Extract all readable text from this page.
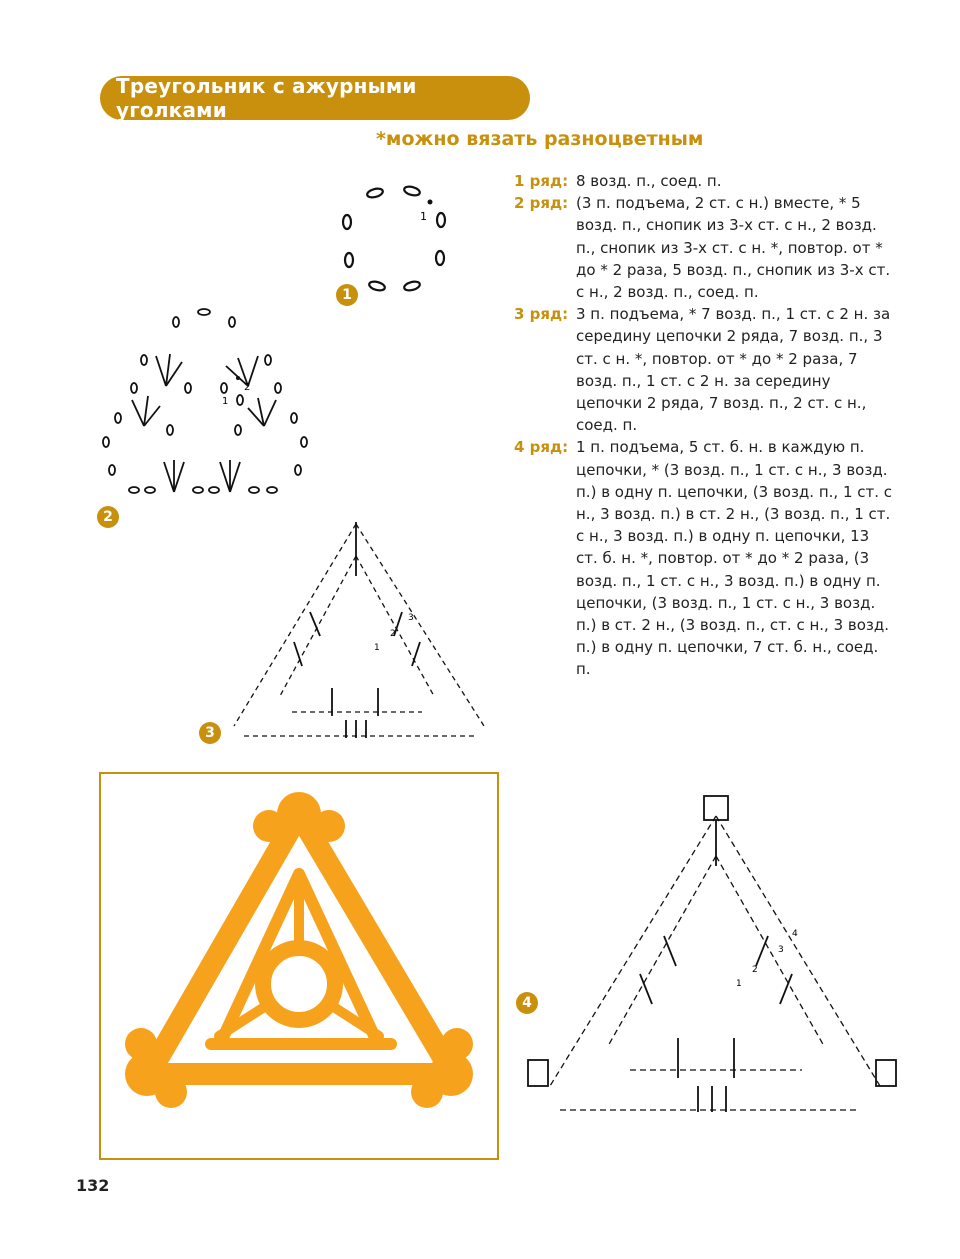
Треугольник с ажурными уголками
*можно вязать разноцветным
1 ряд: 8 возд. п., соед. п.
2 ряд: (3 п. подъема, 2 ст. с н.) вместе, * 5 возд. п., снопик из 3-х ст. с н., 2 возд. п., снопик из 3-х ст. с н. *, повтор. от * до * 2 раза, 5 возд. п., снопик из 3-х ст. с н., 2 возд. п., соед. п.
3 ряд: 3 п. подъема, * 7 возд. п., 1 ст. с 2 н. за середину цепочки 2 ряда, 7 возд. п., 3 ст. с н. *, повтор. от * до * 2 раза, 7 возд. п., 1 ст. с 2 н. за середину цепочки 2 ряда, 7 возд. п., 2 ст. с н., соед. п.
4 ряд: 1 п. подъема, 5 ст. б. н. в каждую п. цепочки, * (3 возд. п., 1 ст. с н., 3 возд. п.) в одну п. цепочки, (3 возд. п., 1 ст. с н., 3 возд. п.) в ст. 2 н., (3 возд. п., 1 ст. с н., 3 возд. п.) в одну п. цепочки, 13 ст. б. н. *, повтор. от * до * 2 раза, (3 возд. п., 1 ст. с н., 3 возд. п.) в одну п. цепочки, (3 возд. п., 1 ст. с н., 3 возд. п.) в ст. 2 н., (3 возд. п., ст. с н., 3 возд. п.) в одну п. цепочки, 7 ст. б. н., соед. п.
1
1
2
1
2
3
2
1
3
3
4
2
1
4
132
